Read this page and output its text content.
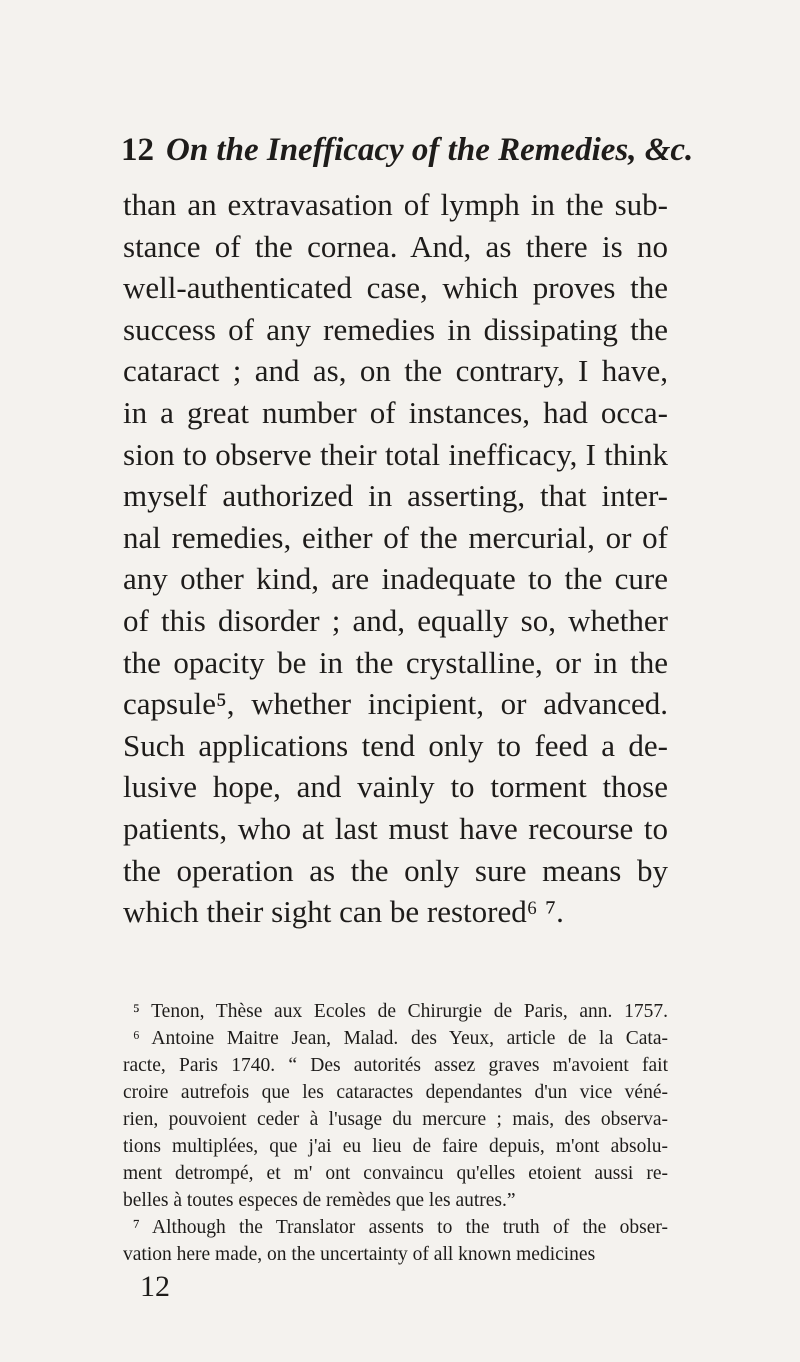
12 On the Inefficacy of the Remedies, &c.
than an extravasation of lymph in the sub-
stance of the cornea. And, as there is no
well-authenticated case, which proves the
success of any remedies in dissipating the
cataract ; and as, on the contrary, I have,
in a great number of instances, had occa-
sion to observe their total inefficacy, I think
myself authorized in asserting, that inter-
nal remedies, either of the mercurial, or of
any other kind, are inadequate to the cure
of this disorder ; and, equally so, whether
the opacity be in the crystalline, or in the
capsule⁵, whether incipient, or advanced.
Such applications tend only to feed a de-
lusive hope, and vainly to torment those
patients, who at last must have recourse to
the operation as the only sure means by
which their sight can be restored⁶ ⁷.
⁵ Tenon, Thèse aux Ecoles de Chirurgie de Paris, ann. 1757.
⁶ Antoine Maitre Jean, Malad. des Yeux, article de la Cata-
racte, Paris 1740. “ Des autorités assez graves m'avoient fait
croire autrefois que les cataractes dependantes d'un vice véné-
rien, pouvoient ceder à l'usage du mercure ; mais, des observa-
tions multiplées, que j'ai eu lieu de faire depuis, m'ont absolu-
ment detrompé, et m' ont convaincu qu'elles etoient aussi re-
belles à toutes especes de remèdes que les autres.”
⁷ Although the Translator assents to the truth of the obser-
vation here made, on the uncertainty of all known medicines
12
